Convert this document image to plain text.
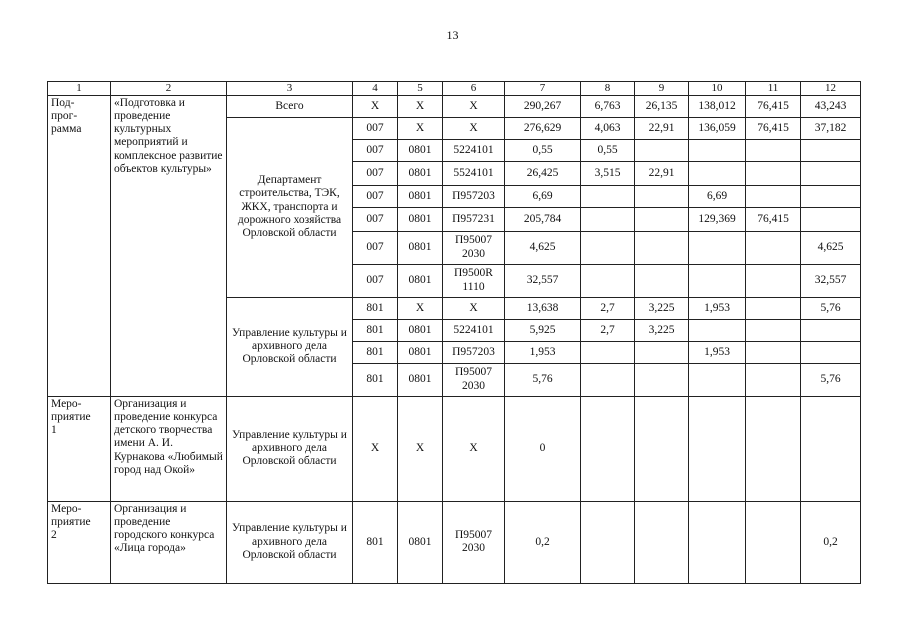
13
1	2	3	4	5	6	7	8	9	10	11	12
Под-
прог-
рамма	«Подготовка и проведение культурных мероприятий и комплексное развитие объектов культуры»	Всего	Х	Х	Х	290,267	6,763	26,135	138,012	76,415	43,243
		Департамент строительства, ТЭК, ЖКХ, транспорта и дорожного хозяйства Орловской области	007	Х	Х	276,629	4,063	22,91	136,059	76,415	37,182
			007	0801	5224101	0,55	0,55				
			007	0801	5524101	26,425	3,515	22,91			
			007	0801	П957203	6,69			6,69		
			007	0801	П957231	205,784			129,369	76,415	
			007	0801	П95007
2030	4,625					4,625
			007	0801	П9500R
1110	32,557					32,557
		Управление культуры и архивного дела Орловской области	801	Х	Х	13,638	2,7	3,225	1,953		5,76
			801	0801	5224101	5,925	2,7	3,225			
			801	0801	П957203	1,953			1,953		
			801	0801	П95007
2030	5,76					5,76
Меро-
приятие
1	Организация и проведение конкурса детского творчества имени А. И. Курнакова «Любимый город над Окой»	Управление культуры и архивного дела Орловской области	Х	Х	Х	0					
Меро-
приятие
2	Организация и проведение городского конкурса «Лица города»	Управление культуры и архивного дела Орловской области	801	0801	П95007
2030	0,2					0,2
